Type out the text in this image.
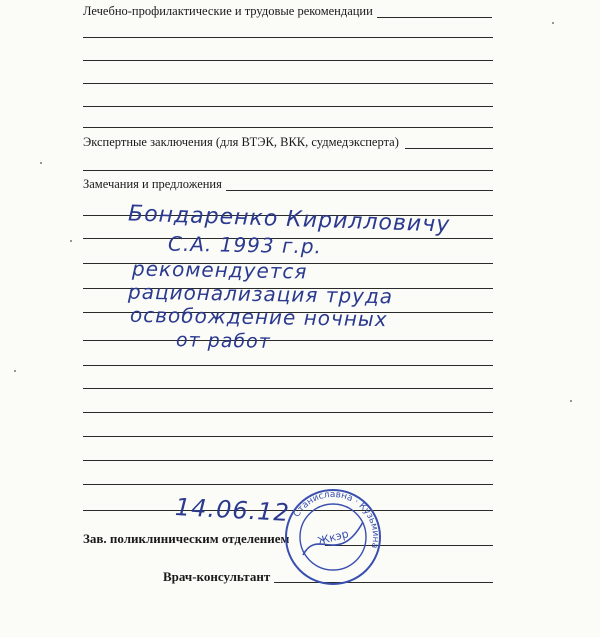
Лечебно-профилактические и трудовые рекомендации
Экспертные заключения (для ВТЭК, ВКК, судмедэксперта)
Замечания и предложения
Зав. поликлиническим отделением
Врач-консультант
Бондаренко Кирилловичу
С.А. 1993 г.р.
рекомендуется
рационализация труда
освобождение ночных
от работ
14.06.12 Станиславна · Кузьмина
Жкэр
